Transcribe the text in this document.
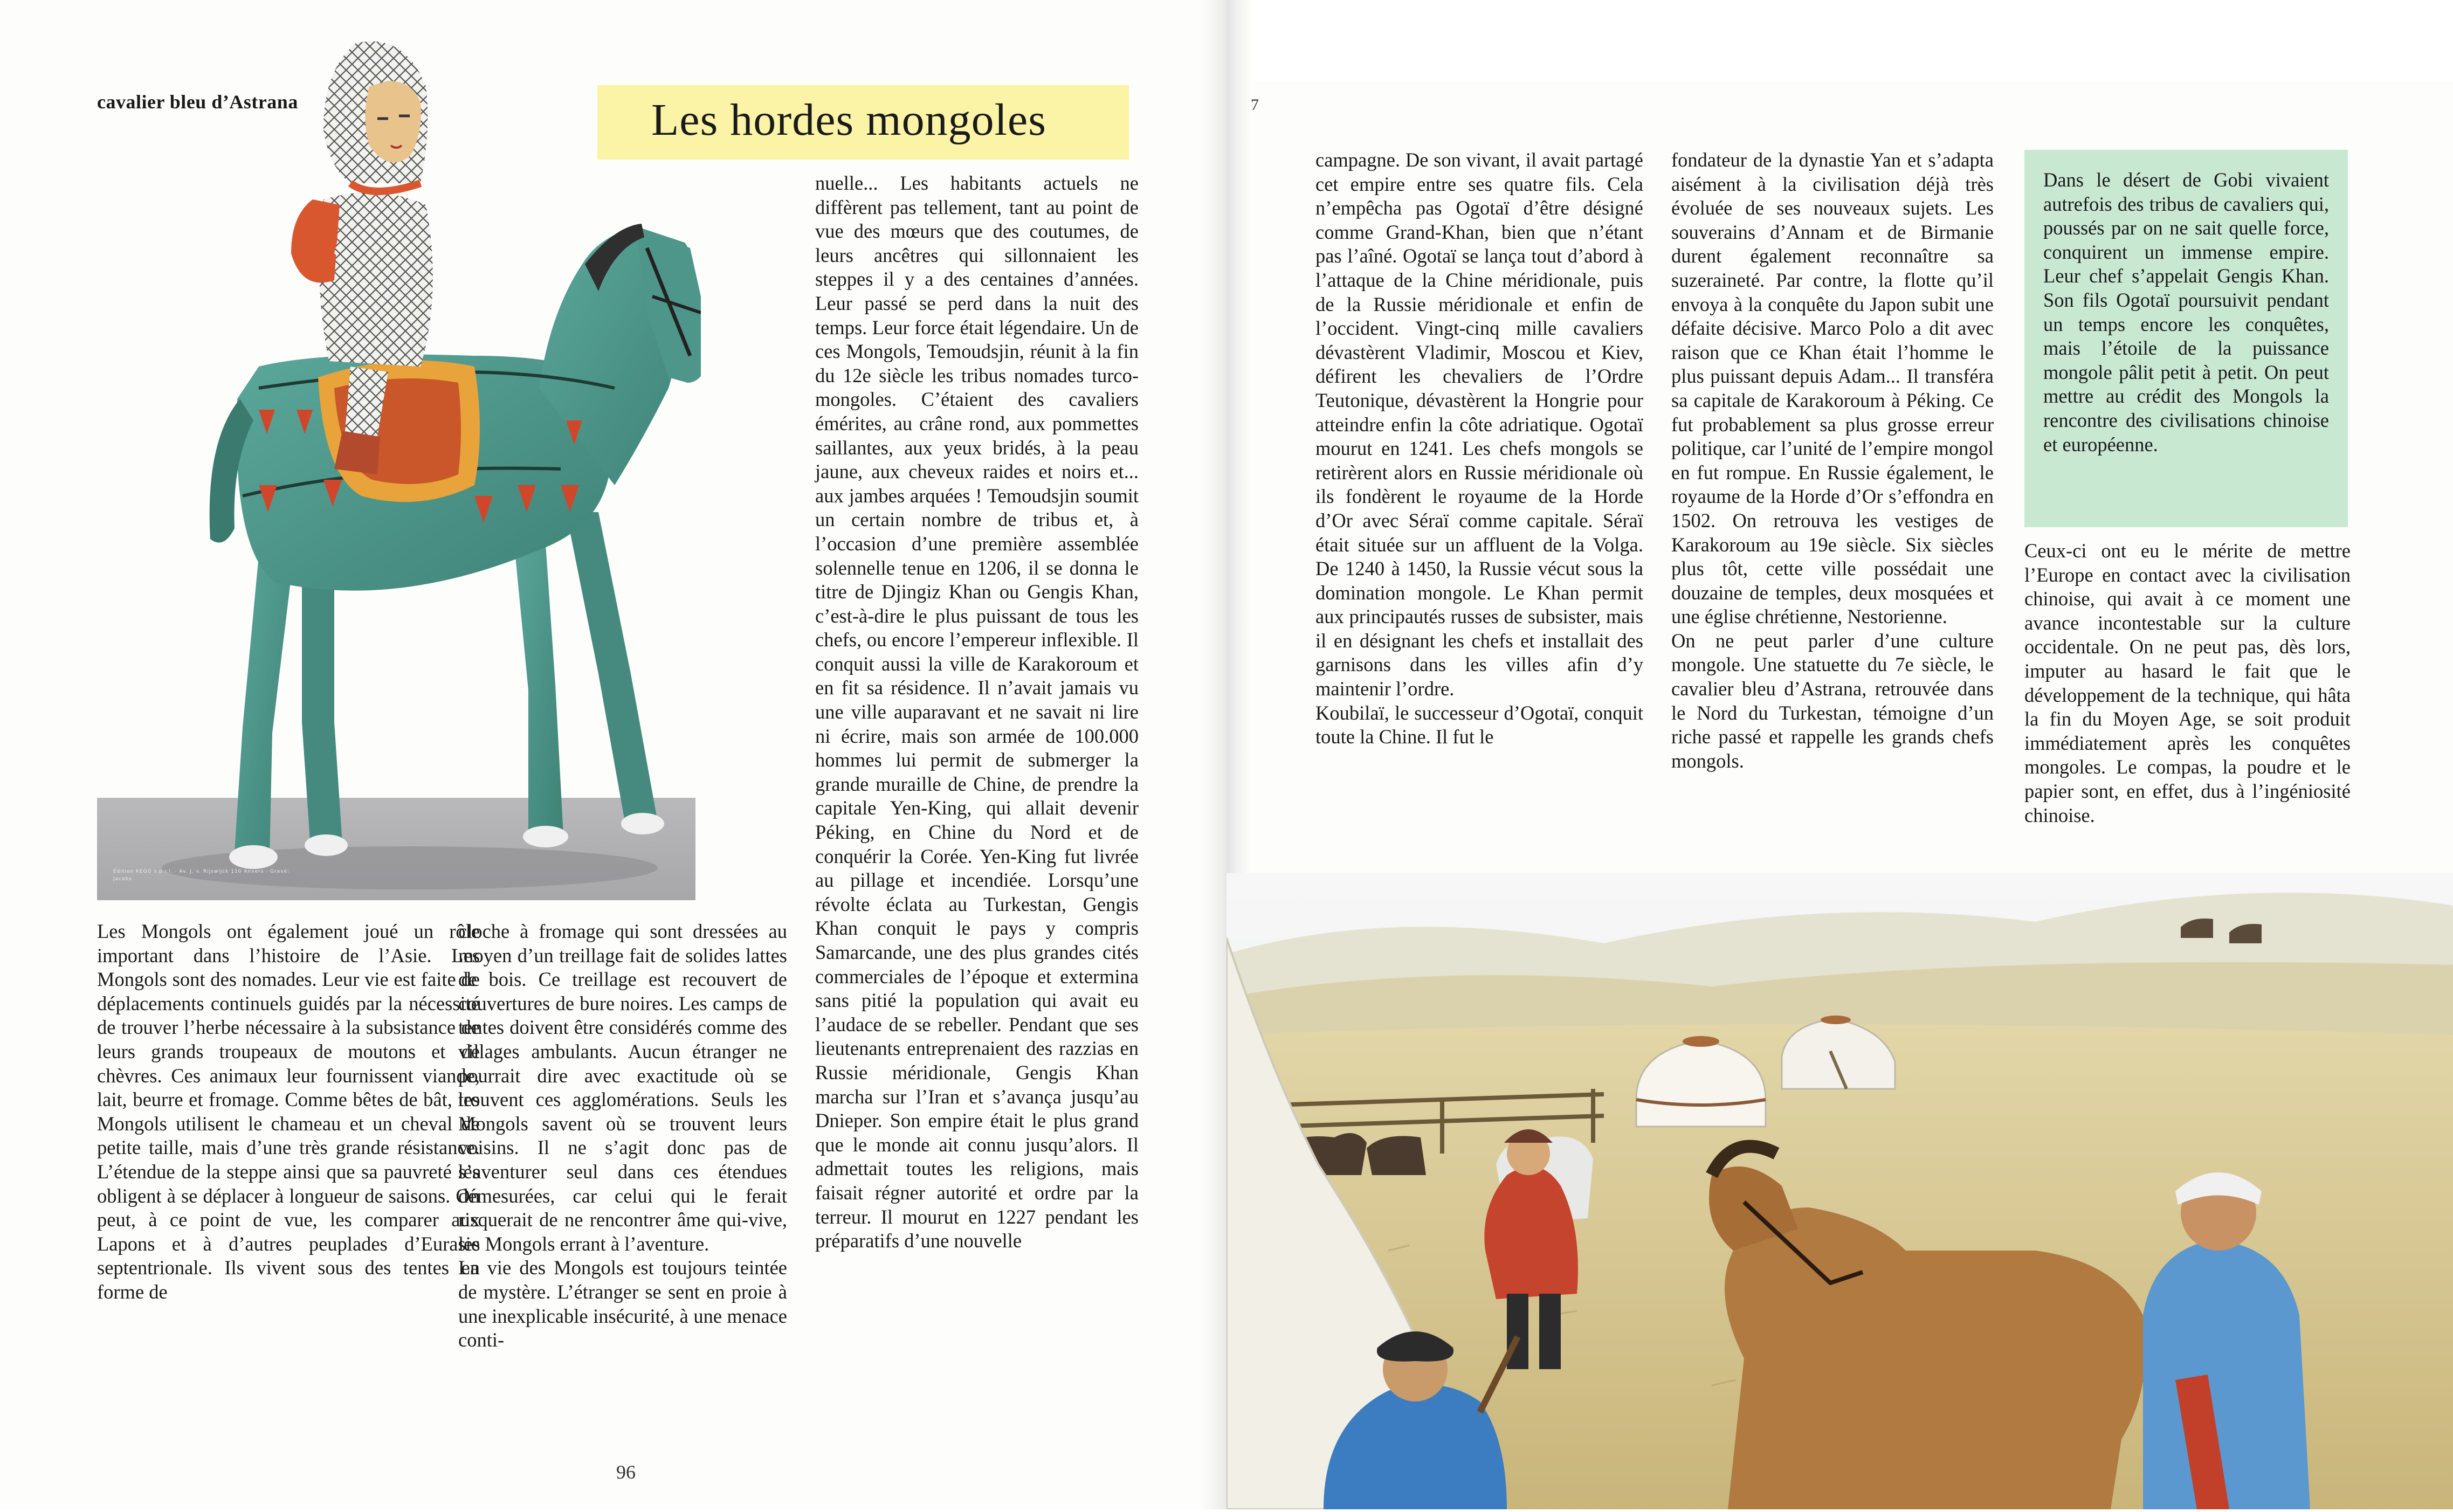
cavalier bleu d’Astrana
Édition KEGO s.p.r.l. · Av. J. v. Rijswijck 110 Anvers · Gravé: Jacobs
Les hordes mongoles

Les Mongols ont également joué un rôle important dans l’histoire de l’Asie. Les Mongols sont des nomades. Leur vie est faite de déplacements continuels guidés par la nécessité de trouver l’herbe nécessaire à la subsistance de leurs grands troupeaux de moutons et de chèvres. Ces animaux leur fournissent viande, lait, beurre et fromage. Comme bêtes de bât, les Mongols utilisent le chameau et un cheval de petite taille, mais d’une très grande résistance. L’étendue de la steppe ainsi que sa pauvreté les obligent à se déplacer à longueur de saisons. On peut, à ce point de vue, les comparer aux Lapons et à d’autres peuplades d’Eurasie septentrionale. Ils vivent sous des tentes en forme de

cloche à fromage qui sont dressées au moyen d’un treillage fait de solides lattes de bois. Ce treillage est recouvert de couvertures de bure noires. Les camps de tentes doivent être considérés comme des villages ambulants. Aucun étranger ne pourrait dire avec exactitude où se trouvent ces agglomérations. Seuls les Mongols savent où se trouvent leurs voisins. Il ne s’agit donc pas de s’aventurer seul dans ces étendues démesurées, car celui qui le ferait risquerait de ne rencontrer âme qui-vive, les Mongols errant à l’aventure.

La vie des Mongols est toujours teintée de mystère. L’étranger se sent en proie à une inexplicable insécurité, à une menace conti-

nuelle... Les habitants actuels ne diffèrent pas tellement, tant au point de vue des mœurs que des coutumes, de leurs ancêtres qui sillonnaient les steppes il y a des centaines d’années. Leur passé se perd dans la nuit des temps. Leur force était légendaire. Un de ces Mongols, Temoudsjin, réunit à la fin du 12e siècle les tribus nomades turco-mongoles. C’étaient des cavaliers émérites, au crâne rond, aux pommettes saillantes, aux yeux bridés, à la peau jaune, aux cheveux raides et noirs et... aux jambes arquées ! Temoudsjin soumit un certain nombre de tribus et, à l’occasion d’une première assemblée solennelle tenue en 1206, il se donna le titre de Djingiz Khan ou Gengis Khan, c’est-à-dire le plus puissant de tous les chefs, ou encore l’empereur inflexible. Il conquit aussi la ville de Karakoroum et en fit sa résidence. Il n’avait jamais vu une ville auparavant et ne savait ni lire ni écrire, mais son armée de 100.000 hommes lui permit de submerger la grande muraille de Chine, de prendre la capitale Yen-King, qui allait devenir Péking, en Chine du Nord et de conquérir la Corée. Yen-King fut livrée au pillage et incendiée. Lorsqu’une révolte éclata au Turkestan, Gengis Khan conquit le pays y compris Samarcande, une des plus grandes cités commerciales de l’époque et extermina sans pitié la population qui avait eu l’audace de se rebeller. Pendant que ses lieutenants entreprenaient des razzias en Russie méridionale, Gengis Khan marcha sur l’Iran et s’avança jusqu’au Dnieper. Son empire était le plus grand que le monde ait connu jusqu’alors. Il admettait toutes les religions, mais faisait régner autorité et ordre par la terreur. Il mourut en 1227 pendant les préparatifs d’une nouvelle

96
7

campagne. De son vivant, il avait partagé cet empire entre ses quatre fils. Cela n’empêcha pas Ogotaï d’être désigné comme Grand-Khan, bien que n’étant pas l’aîné. Ogotaï se lança tout d’abord à l’attaque de la Chine méridionale, puis de la Russie méridionale et enfin de l’occident. Vingt-cinq mille cavaliers dévastèrent Vladimir, Moscou et Kiev, défirent les chevaliers de l’Ordre Teutonique, dévastèrent la Hongrie pour atteindre enfin la côte adriatique. Ogotaï mourut en 1241. Les chefs mongols se retirèrent alors en Russie méridionale où ils fondèrent le royaume de la Horde d’Or avec Séraï comme capitale. Séraï était située sur un affluent de la Volga. De 1240 à 1450, la Russie vécut sous la domination mongole. Le Khan permit aux principautés russes de subsister, mais il en désignant les chefs et installait des garnisons dans les villes afin d’y maintenir l’ordre.

Koubilaï, le successeur d’Ogotaï, conquit toute la Chine. Il fut le

fondateur de la dynastie Yan et s’adapta aisément à la civilisation déjà très évoluée de ses nouveaux sujets. Les souverains d’Annam et de Birmanie durent également reconnaître sa suzeraineté. Par contre, la flotte qu’il envoya à la conquête du Japon subit une défaite décisive. Marco Polo a dit avec raison que ce Khan était l’homme le plus puissant depuis Adam... Il transféra sa capitale de Karakoroum à Péking. Ce fut probablement sa plus grosse erreur politique, car l’unité de l’empire mongol en fut rompue. En Russie également, le royaume de la Horde d’Or s’effondra en 1502. On retrouva les vestiges de Karakoroum au 19e siècle. Six siècles plus tôt, cette ville possédait une douzaine de temples, deux mosquées et une église chrétienne, Nestorienne.

On ne peut parler d’une culture mongole. Une statuette du 7e siècle, le cavalier bleu d’Astrana, retrouvée dans le Nord du Turkestan, témoigne d’un riche passé et rappelle les grands chefs mongols.

Dans le désert de Gobi vivaient autrefois des tribus de cavaliers qui, poussés par on ne sait quelle force, conquirent un immense empire. Leur chef s’appelait Gengis Khan. Son fils Ogotaï poursuivit pendant un temps encore les conquêtes, mais l’étoile de la puissance mongole pâlit petit à petit. On peut mettre au crédit des Mongols la rencontre des civilisations chinoise et européenne.

Ceux-ci ont eu le mérite de mettre l’Europe en contact avec la civilisation chinoise, qui avait à ce moment une avance incontestable sur la culture occidentale. On ne peut pas, dès lors, imputer au hasard le fait que le développement de la technique, qui hâta la fin du Moyen Age, se soit produit immédiatement après les conquêtes mongoles. Le compas, la poudre et le papier sont, en effet, dus à l’ingéniosité chinoise.
